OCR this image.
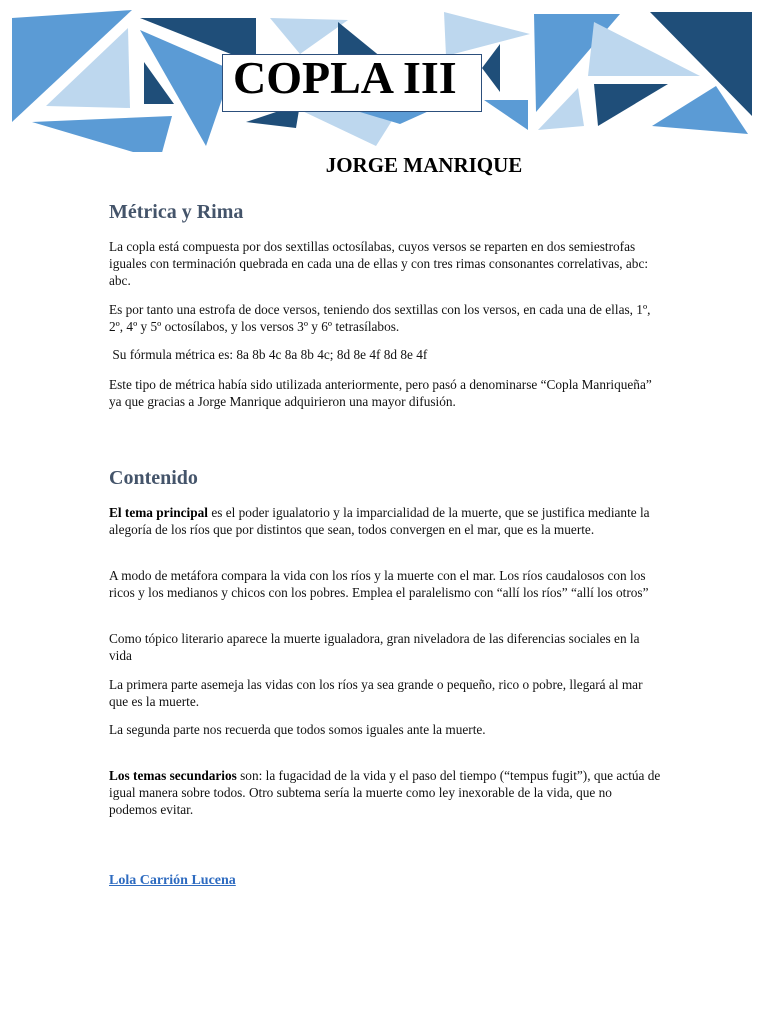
COPLA III
JORGE MANRIQUE
Métrica y Rima

La copla está compuesta por dos sextillas octosílabas, cuyos versos se reparten en dos semiestrofas iguales con terminación quebrada en cada una de ellas y con tres rimas consonantes correlativas, abc: abc.

Es por tanto una estrofa de doce versos, teniendo dos sextillas con los versos, en cada una de ellas, 1º, 2º, 4º y 5º octosílabos, y los versos 3º y 6º tetrasílabos.

Su fórmula métrica es: 8a 8b 4c 8a 8b 4c; 8d 8e 4f 8d 8e 4f

Este tipo de métrica había sido utilizada anteriormente, pero pasó a denominarse “Copla Manriqueña” ya que gracias a Jorge Manrique adquirieron una mayor difusión.

Contenido

El tema principal es el poder igualatorio y la imparcialidad de la muerte, que se justifica mediante la alegoría de los ríos que por distintos que sean, todos convergen en el mar, que es la muerte.

A modo de metáfora compara la vida con los ríos y la muerte con el mar. Los ríos caudalosos con los ricos y los medianos y chicos con los pobres. Emplea el paralelismo con “allí los ríos” “allí los otros”

Como tópico literario aparece la muerte igualadora, gran niveladora de las diferencias sociales en la vida

La primera parte asemeja las vidas con los ríos ya sea grande o pequeño, rico o pobre, llegará al mar que es la muerte.

La segunda parte nos recuerda que todos somos iguales ante la muerte.

Los temas secundarios son: la fugacidad de la vida y el paso del tiempo (“tempus fugit”), que actúa de igual manera sobre todos. Otro subtema sería la muerte como ley inexorable de la vida, que no podemos evitar.

Lola Carrión Lucena
